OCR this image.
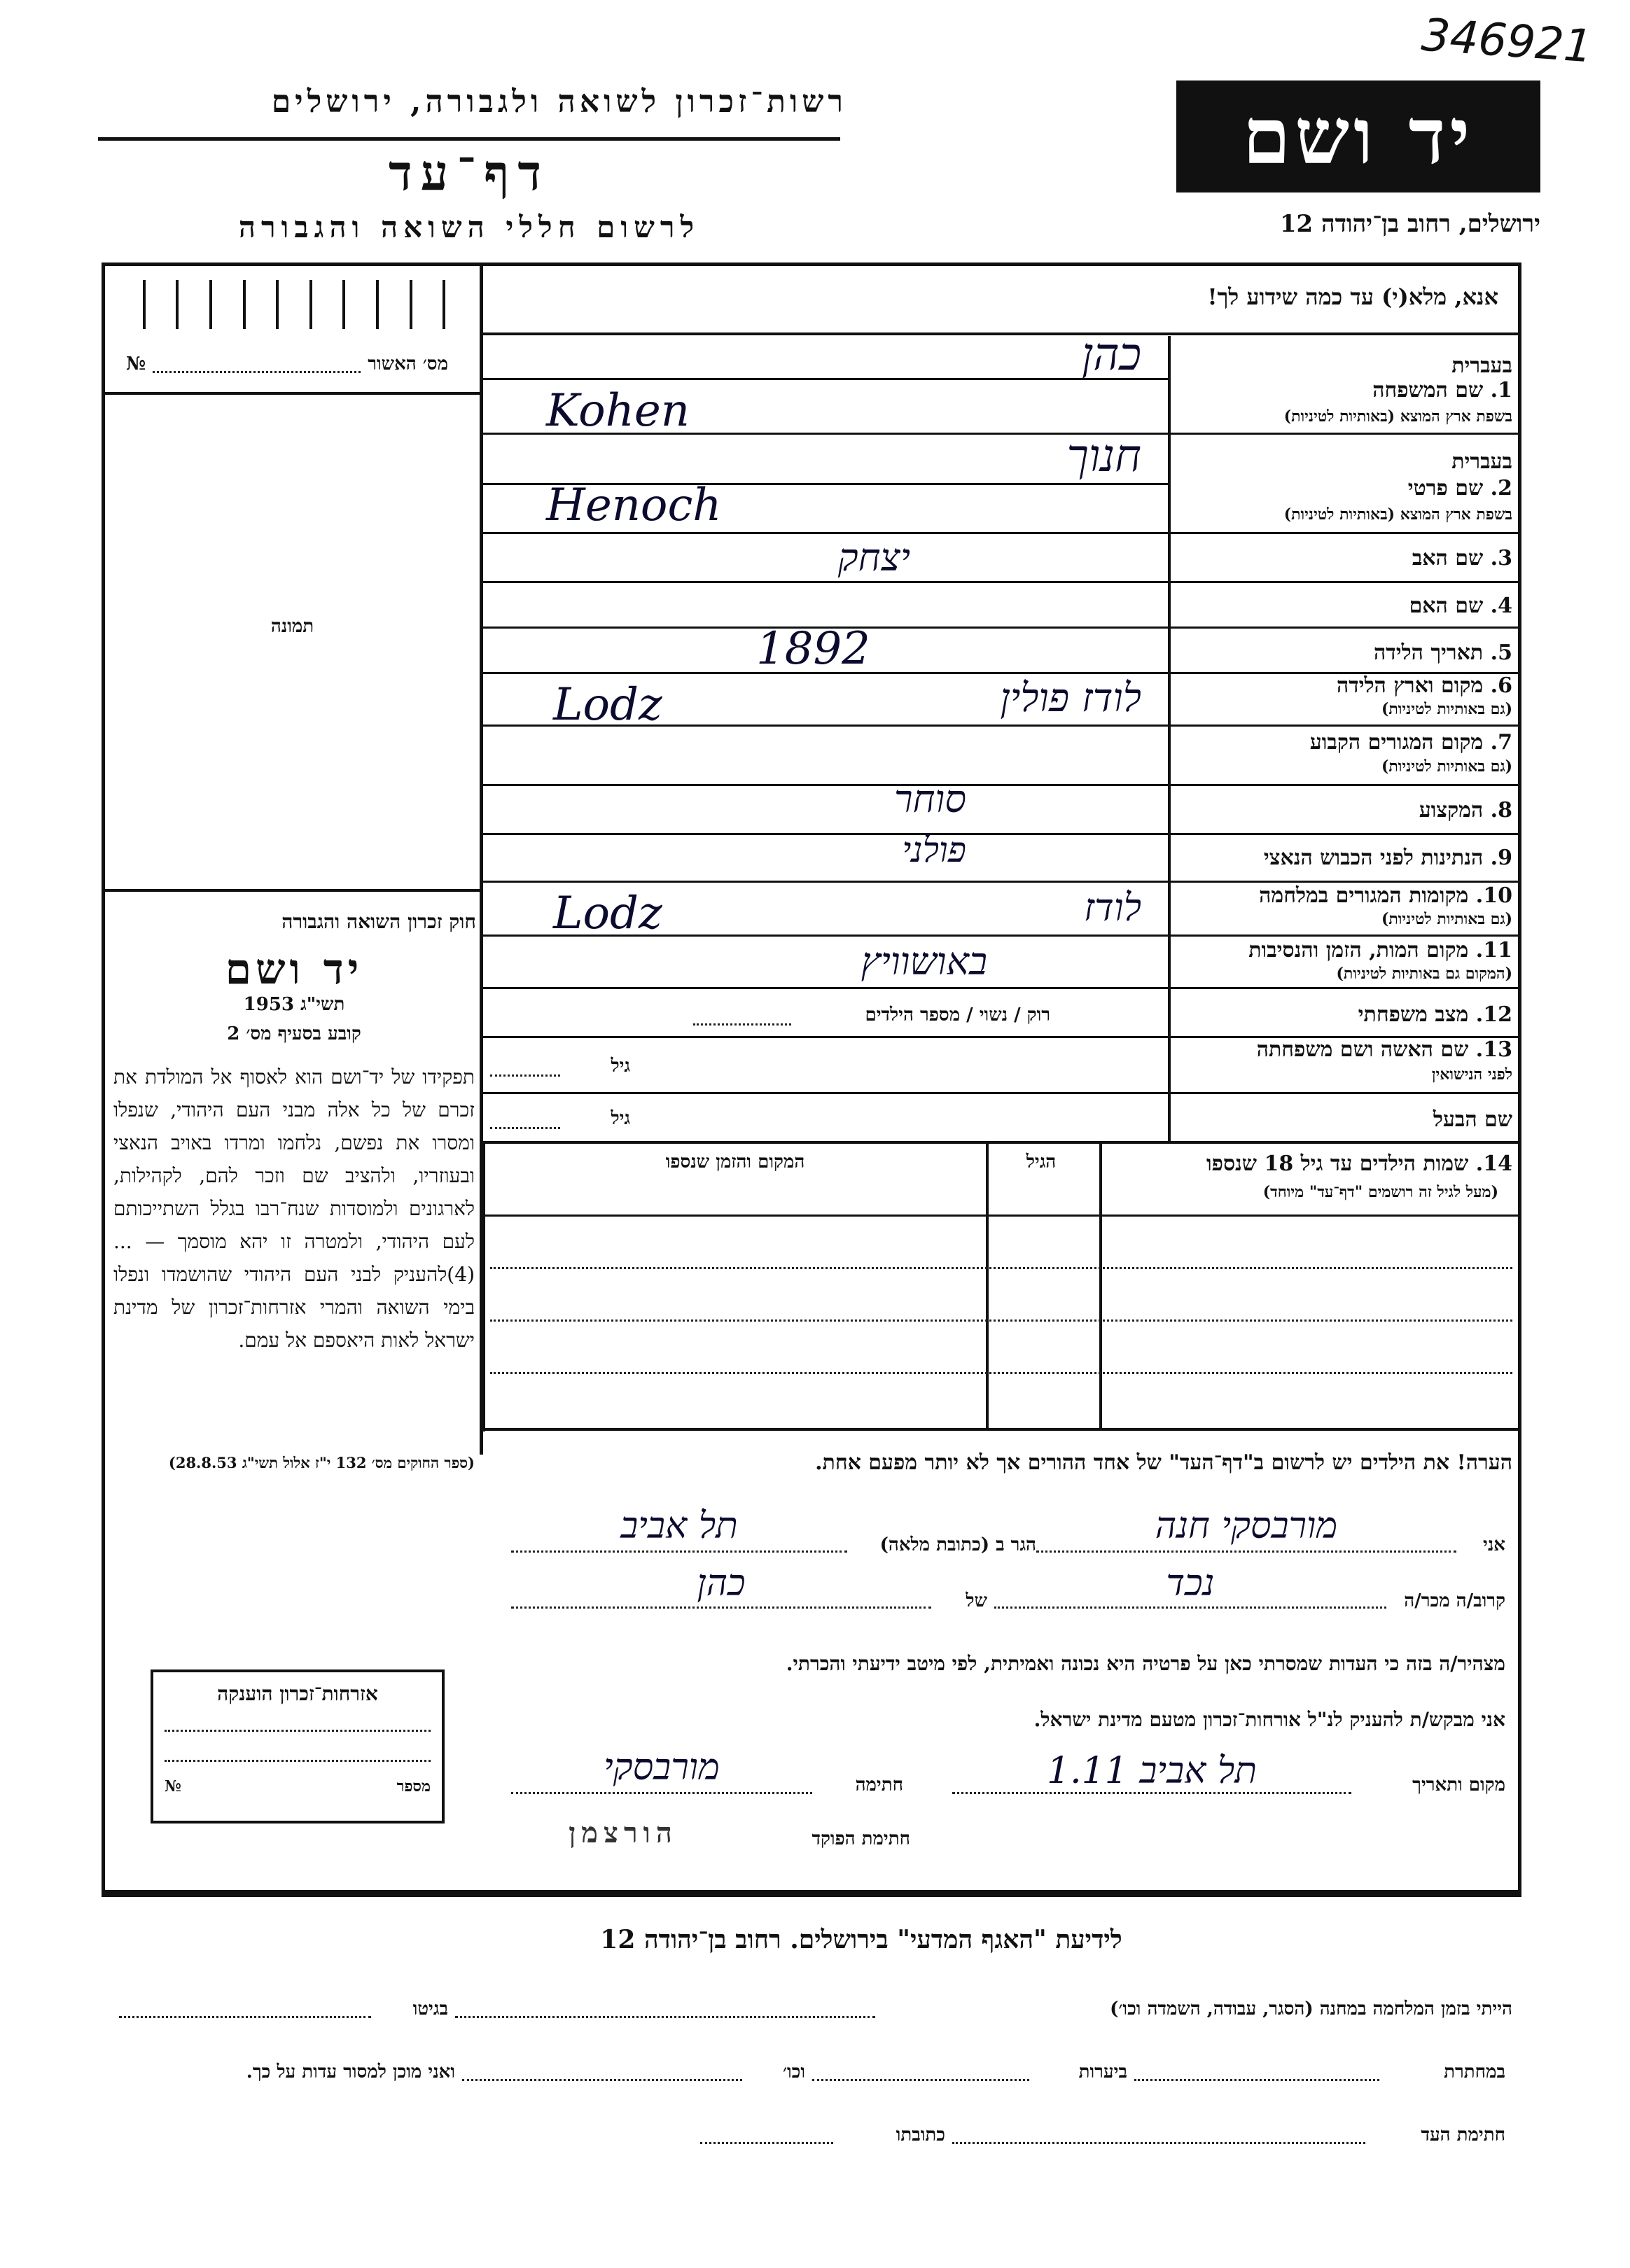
רשות־זכרון לשואה ולגבורה, ירושלים
דף־עד
לרשום חללי השואה והגבורה
יד ושם
ירושלים, רחוב בן־יהודה 12
346921
אנא, מלא(י) עד כמה שידוע לך!
מס׳ האשור
№
תמונה
בעברית
1. שם המשפחה
בשפת ארץ המוצא (באותיות לטיניות)
בעברית
2. שם פרטי
בשפת ארץ המוצא (באותיות לטיניות)
3. שם האב
4. שם האם
5. תאריך הלידה
6. מקום וארץ הלידה
(גם באותיות לטיניות)
7. מקום המגורים הקבוע
(גם באותיות לטיניות)
8. המקצוע
9. הנתינות לפני הכבוש הנאצי
10. מקומות המגורים במלחמה
(גם באותיות לטיניות)
11. מקום המות, הזמן והנסיבות
(המקום גם באותיות לטיניות)
12. מצב משפחתי
13. שם האשה ושם משפחתה
לפני הנישואין
שם הבעל
רוק / נשוי / מספר הילדים
גיל
גיל
כהן
Kohen
חנוך
Henoch
יצחק
1892
לודז פולין
Lodz
סוחר
פולני
לודז
Lodz
באושוויץ
14. שמות הילדים עד גיל 18 שנספו
(מעל לגיל זה רושמים "דף־עד" מיוחד)
הגיל
המקום והזמן שנספו
חוק זכרון השואה והגבורה
יד ושם
תשי"ג 1953
קובע בסעיף מס׳ 2
תפקידו של יד־ושם הוא לאסוף אל המולדת את זכרם של כל אלה מבני העם היהודי, שנפלו ומסרו את נפשם, נלחמו ומרדו באויב הנאצי ובעוזריו, ולהציב שם וזכר להם, לקהילות, לארגונים ולמוסדות שנח־רבו בגלל השתייכותם לעם היהודי, ולמטרה זו יהא מוסמך — ...(4)להעניק לבני העם היהודי שהושמדו ונפלו בימי השואה והמרי אזרחות־זכרון של מדינת ישראל לאות היאספם אל עמם.
(ספר החוקים מס׳ 132 י"ז אלול תשי"ג 28.8.53)	הערה! את הילדים יש לרשום ב"דף־העד" של אחד ההורים אך לא יותר מפעם אחת.
אני
מורבסקי חנה
הגר ב (כתובת מלאה)
תל אביב
קרוב/ה מכר/ה
נכד
של
כהן
מצהיר/ה בזה כי העדות שמסרתי כאן על פרטיה היא נכונה ואמיתית, לפי מיטב ידיעתי והכרתי.
אני מבקש/ת להעניק לנ"ל אורחות־זכרון מטעם מדינת ישראל.
מקום ותאריך
תל אביב 1.11
חתימה
מורבסקי
חתימת הפוקד
הורצמן
אזרחות־זכרון הוענקה
מספר
№
לידיעת "האגף המדעי" בירושלים. רחוב בן־יהודה 12
הייתי בזמן המלחמה במחנה (הסגר, עבודה, השמדה וכו׳)
בגיטו
במחתרת
ביערות
וכו׳
ואני מוכן למסור עדות על כך.
חתימת העד
כתובתו
